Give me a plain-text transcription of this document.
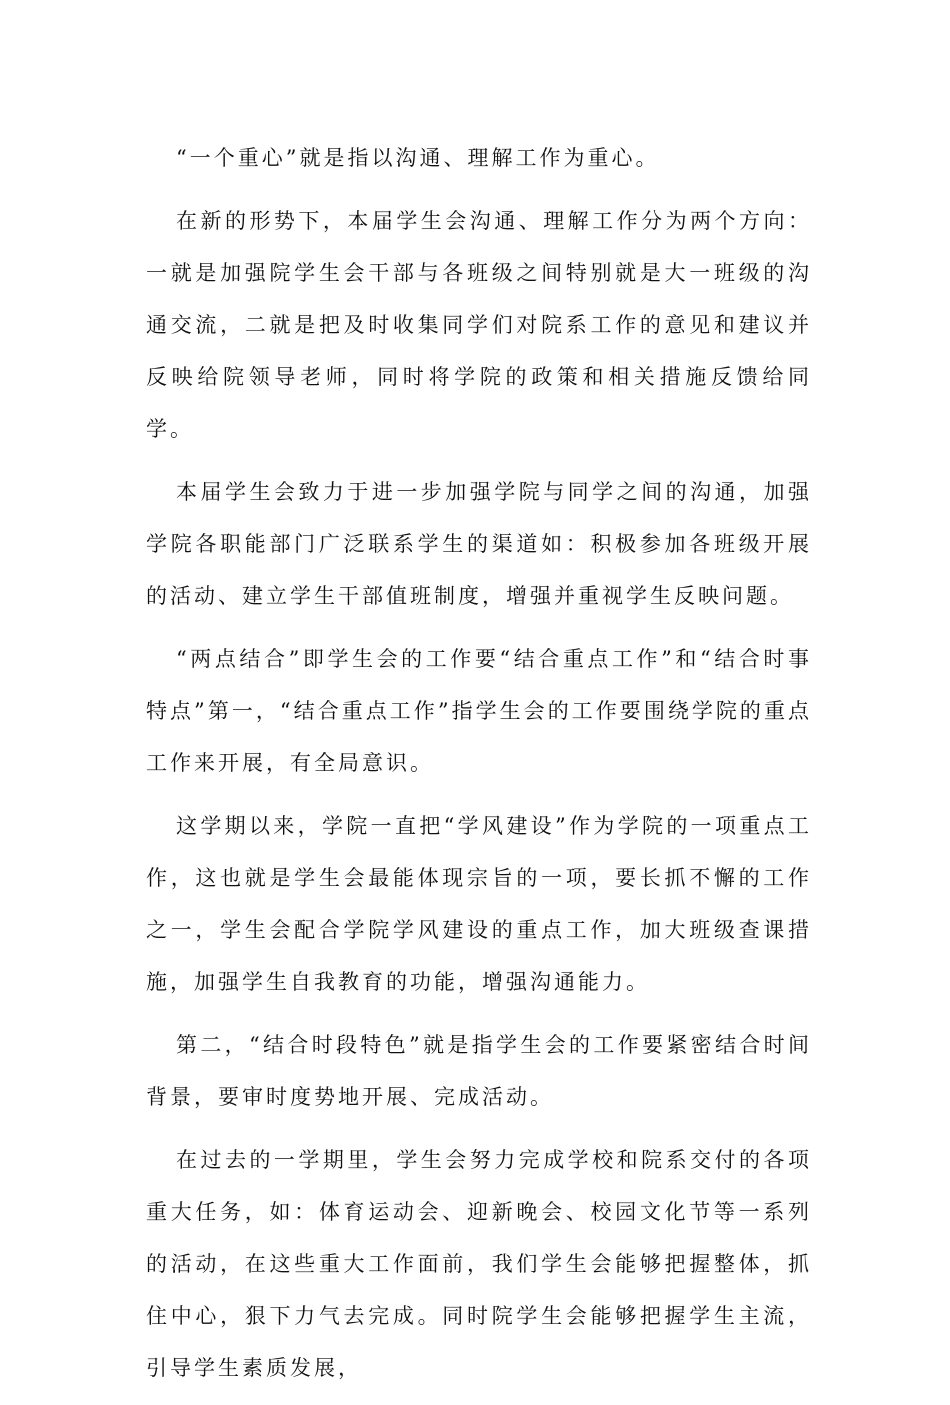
“一个重心”就是指以沟通、理解工作为重心。

在新的形势下，本届学生会沟通、理解工作分为两个方向：一就是加强院学生会干部与各班级之间特别就是大一班级的沟通交流，二就是把及时收集同学们对院系工作的意见和建议并反映给院领导老师，同时将学院的政策和相关措施反馈给同学。

本届学生会致力于进一步加强学院与同学之间的沟通，加强学院各职能部门广泛联系学生的渠道如：积极参加各班级开展的活动、建立学生干部值班制度，增强并重视学生反映问题。

“两点结合”即学生会的工作要“结合重点工作”和“结合时事特点”第一，“结合重点工作”指学生会的工作要围绕学院的重点工作来开展，有全局意识。

这学期以来，学院一直把“学风建设”作为学院的一项重点工作，这也就是学生会最能体现宗旨的一项，要长抓不懈的工作之一，学生会配合学院学风建设的重点工作，加大班级查课措施，加强学生自我教育的功能，增强沟通能力。

第二，“结合时段特色”就是指学生会的工作要紧密结合时间背景，要审时度势地开展、完成活动。

在过去的一学期里，学生会努力完成学校和院系交付的各项重大任务，如：体育运动会、迎新晚会、校园文化节等一系列的活动，在这些重大工作面前，我们学生会能够把握整体，抓住中心，狠下力气去完成。同时院学生会能够把握学生主流，引导学生素质发展，
